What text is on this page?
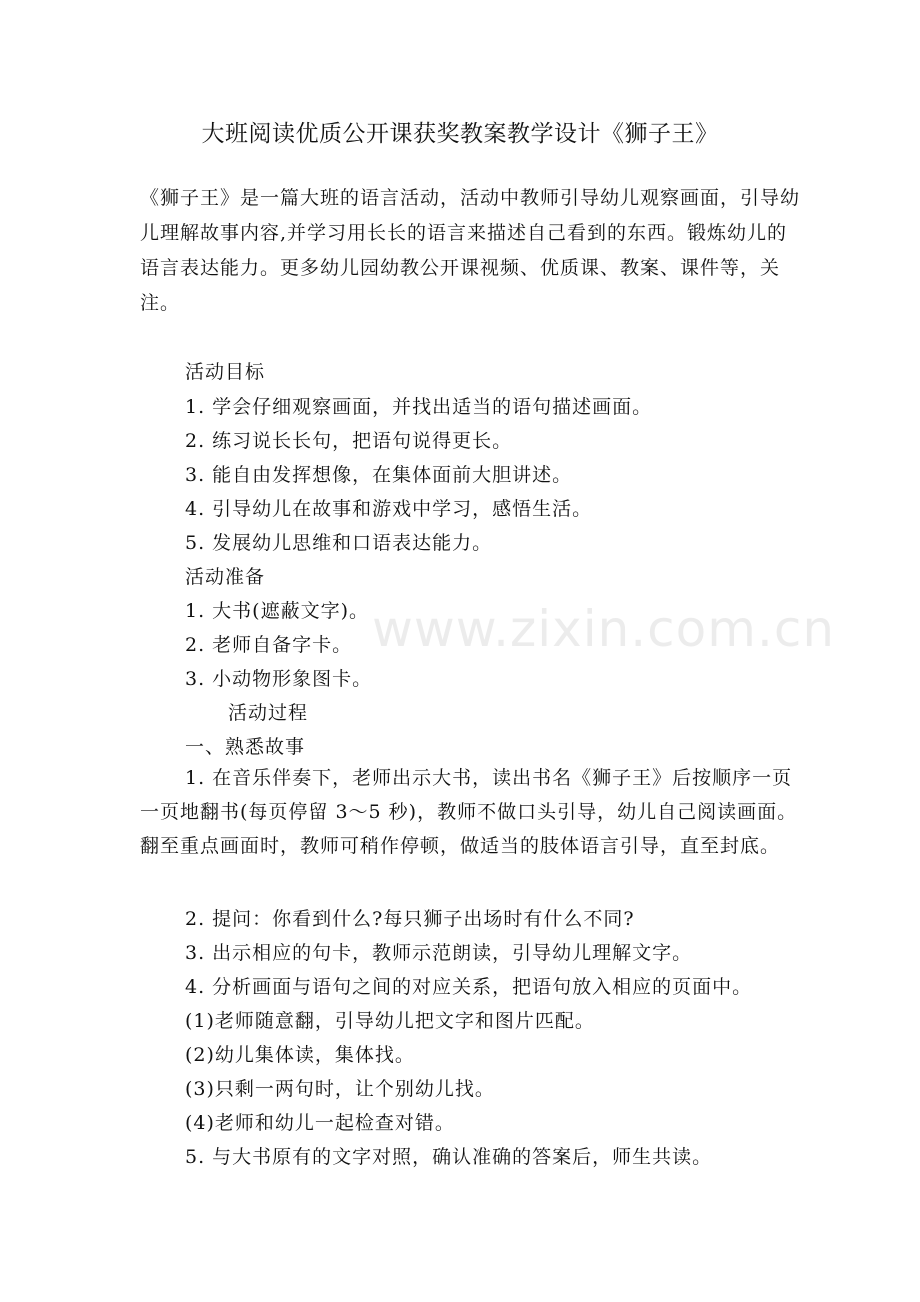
大班阅读优质公开课获奖教案教学设计《狮子王》

《狮子王》是一篇大班的语言活动，活动中教师引导幼儿观察画面，引导幼儿理解故事内容,并学习用长长的语言来描述自己看到的东西。锻炼幼儿的语言表达能力。更多幼儿园幼教公开课视频、优质课、教案、课件等，关注。

活动目标
1. 学会仔细观察画面，并找出适当的语句描述画面。
2. 练习说长长句，把语句说得更长。
3. 能自由发挥想像，在集体面前大胆讲述。
4. 引导幼儿在故事和游戏中学习，感悟生活。
5. 发展幼儿思维和口语表达能力。
活动准备
1. 大书(遮蔽文字)。
2. 老师自备字卡。
3. 小动物形象图卡。
活动过程
一、熟悉故事

1. 在音乐伴奏下，老师出示大书，读出书名《狮子王》后按顺序一页一页地翻书(每页停留 3～5 秒)，教师不做口头引导，幼儿自己阅读画面。翻至重点画面时，教师可稍作停顿，做适当的肢体语言引导，直至封底。

2. 提问：你看到什么?每只狮子出场时有什么不同?
3. 出示相应的句卡，教师示范朗读，引导幼儿理解文字。
4. 分析画面与语句之间的对应关系，把语句放入相应的页面中。
(1)老师随意翻，引导幼儿把文字和图片匹配。
(2)幼儿集体读，集体找。
(3)只剩一两句时，让个别幼儿找。
(4)老师和幼儿一起检查对错。
5. 与大书原有的文字对照，确认准确的答案后，师生共读。
www.zixin.com.cn
